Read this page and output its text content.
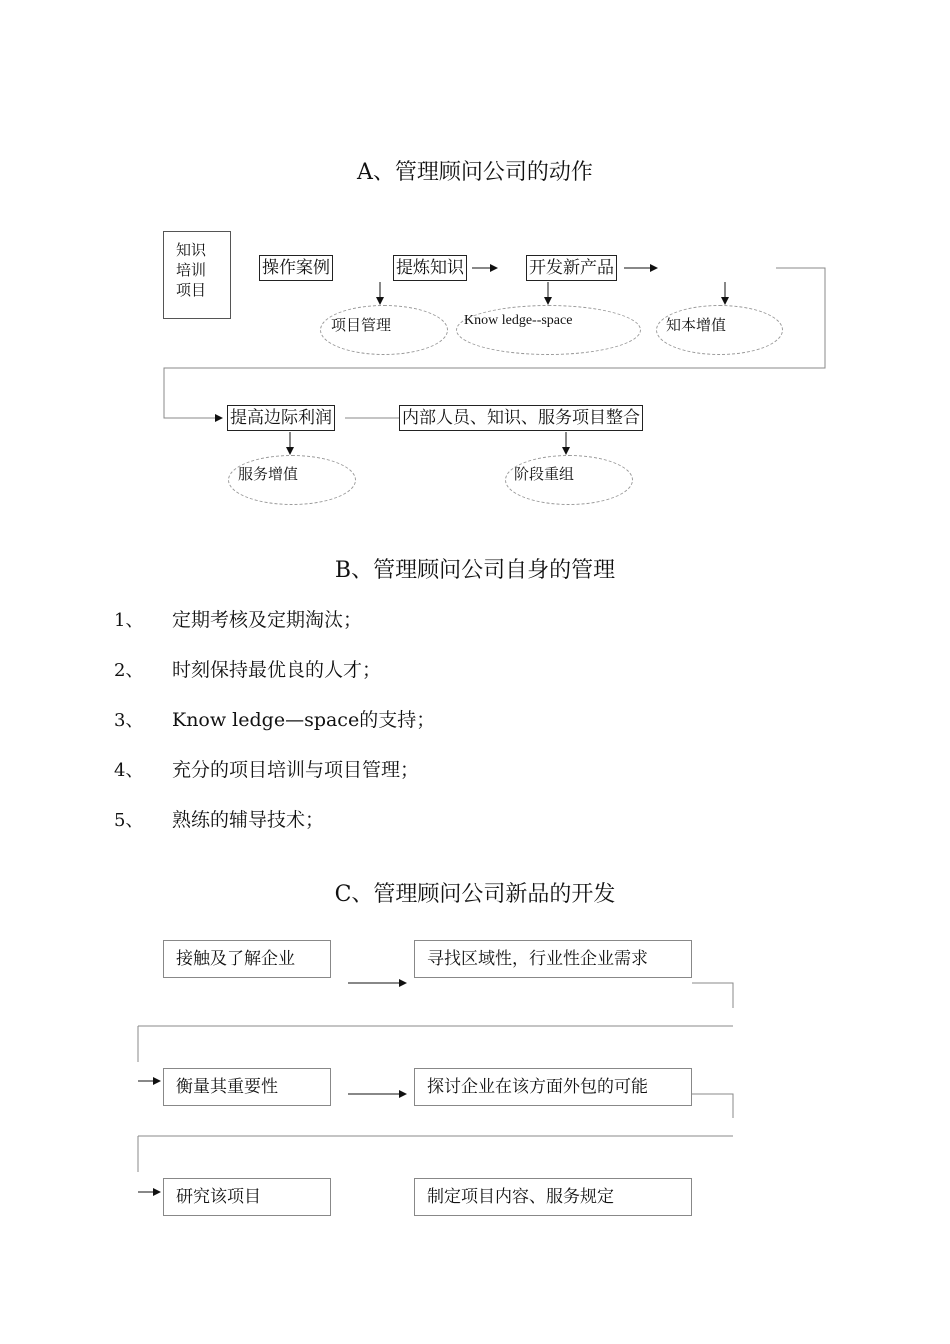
A、管理顾问公司的动作
知识
培训
项目
操作案例	提炼知识	开发新产品
项目管理	Know ledge--space	知本增值
提高边际利润	内部人员、知识、服务项目整合
服务增值	阶段重组
B、管理顾问公司自身的管理
1、 定期考核及定期淘汰；
2、 时刻保持最优良的人才；
3、 Know ledge—space的支持；
4、 充分的项目培训与项目管理；
5、 熟练的辅导技术；
C、管理顾问公司新品的开发
接触及了解企业	寻找区域性，行业性企业需求
衡量其重要性	探讨企业在该方面外包的可能
研究该项目	制定项目内容、服务规定
